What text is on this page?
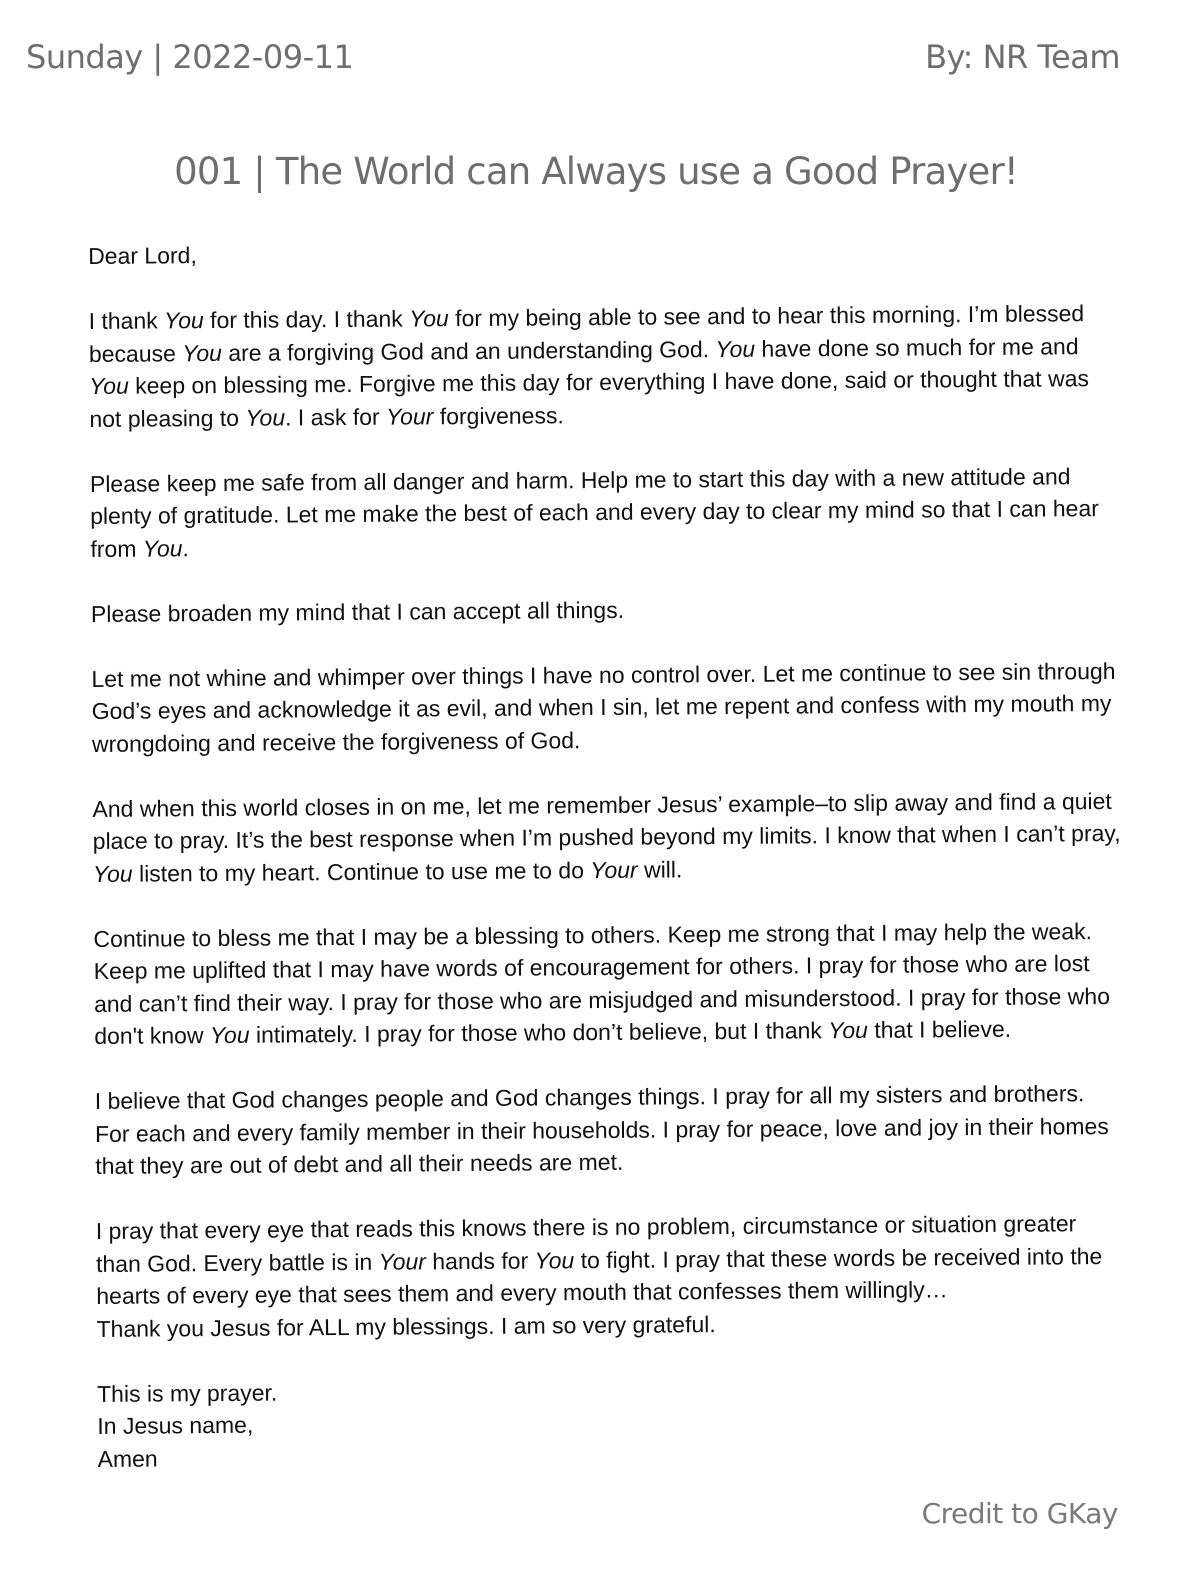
Sunday | 2022-09-11	By: NR Team
001 | The World can Always use a Good Prayer!

Dear Lord,

I thank You for this day. I thank You for my being able to see and to hear this morning. I’m blessed because You are a forgiving God and an understanding God. You have done so much for me and You keep on blessing me. Forgive me this day for everything I have done, said or thought that was not pleasing to You. I ask for Your forgiveness.

Please keep me safe from all danger and harm. Help me to start this day with a new attitude and plenty of gratitude. Let me make the best of each and every day to clear my mind so that I can hear from You.

Please broaden my mind that I can accept all things.

Let me not whine and whimper over things I have no control over. Let me continue to see sin through God’s eyes and acknowledge it as evil, and when I sin, let me repent and confess with my mouth my wrongdoing and receive the forgiveness of God.

And when this world closes in on me, let me remember Jesus’ example–to slip away and find a quiet place to pray. It’s the best response when I’m pushed beyond my limits. I know that when I can’t pray, You listen to my heart. Continue to use me to do Your will.

Continue to bless me that I may be a blessing to others. Keep me strong that I may help the weak. Keep me uplifted that I may have words of encouragement for others. I pray for those who are lost and can’t find their way. I pray for those who are misjudged and misunderstood. I pray for those who don't know You intimately. I pray for those who don’t believe, but I thank You that I believe.

I believe that God changes people and God changes things. I pray for all my sisters and brothers. For each and every family member in their households. I pray for peace, love and joy in their homes that they are out of debt and all their needs are met.

I pray that every eye that reads this knows there is no problem, circumstance or situation greater than God. Every battle is in Your hands for You to fight. I pray that these words be received into the hearts of every eye that sees them and every mouth that confesses them willingly…

Thank you Jesus for ALL my blessings. I am so very grateful.

This is my prayer.
In Jesus name,
Amen
Credit to GKay
